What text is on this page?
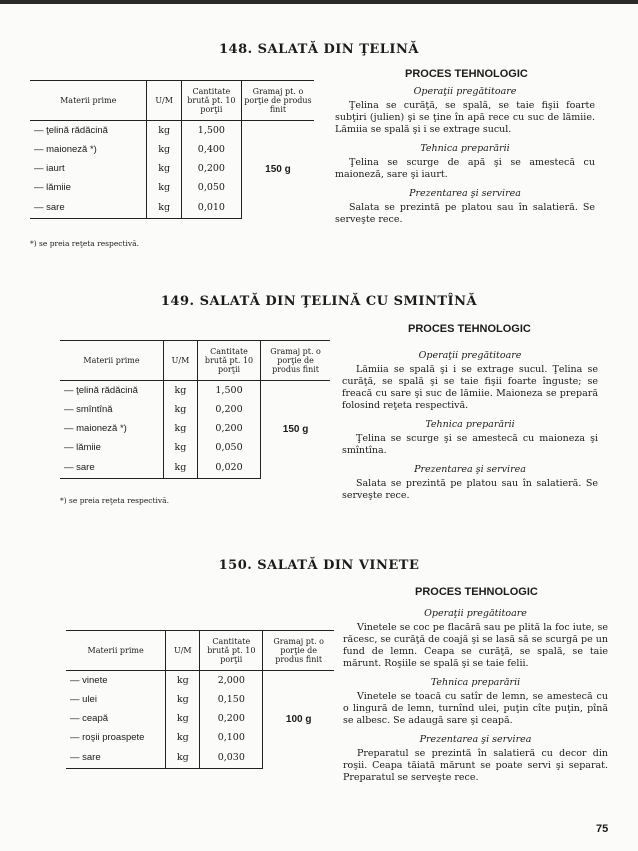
148. SALATĂ DIN ŢELINĂ
PROCES TEHNOLOGIC
Materii prime	U/M	Cantitate brută pt. 10 porţii	Gramaj pt. o porţie de produs finit
— ţelină rădăcină	kg	1,500	150 g
— maioneză *)	kg	0,400	
— iaurt	kg	0,200	
— lămiie	kg	0,050	
— sare	kg	0,010	
*) se preia reţeta respectivă.
Operaţii pregătitoare

Ţelina se curăţă, se spală, se taie fişii foarte subţiri (julien) şi se ţine în apă rece cu suc de lămiie. Lămiia se spală şi i se extrage sucul.

Tehnica preparării

Ţelina se scurge de apă şi se amestecă cu maioneză, sare şi iaurt.

Prezentarea şi servirea

Salata se prezintă pe platou sau în salatieră. Se serveşte rece.

149. SALATĂ DIN ŢELINĂ CU SMINTÎNĂ
PROCES TEHNOLOGIC
Materii prime	U/M	Cantitate brută pt. 10 porţii	Gramaj pt. o porţie de produs finit
— ţelină rădăcină	kg	1,500	150 g
— smîntînă	kg	0,200	
— maioneză *)	kg	0,200	
— lămiie	kg	0,050	
— sare	kg	0,020	
*) se preia reţeta respectivă.
Operaţii pregătitoare

Lămiia se spală şi i se extrage sucul. Ţelina se curăţă, se spală şi se taie fişii foarte înguste; se freacă cu sare şi suc de lămiie. Maioneza se prepară folosind reţeta respectivă.

Tehnica preparării

Ţelina se scurge şi se amestecă cu maioneza şi smîntîna.

Prezentarea şi servirea

Salata se prezintă pe platou sau în salatieră. Se serveşte rece.

150. SALATĂ DIN VINETE
PROCES TEHNOLOGIC
Materii prime	U/M	Cantitate brută pt. 10 porţii	Gramaj pt. o porţie de produs finit
— vinete	kg	2,000	100 g
— ulei	kg	0,150	
— ceapă	kg	0,200	
— roşii proaspete	kg	0,100	
— sare	kg	0,030	
Operaţii pregătitoare

Vinetele se coc pe flacără sau pe plită la foc iute, se răcesc, se curăţă de coajă şi se lasă să se scurgă pe un fund de lemn. Ceapa se curăţă, se spală, se taie mărunt. Roşiile se spală şi se taie felii.

Tehnica preparării

Vinetele se toacă cu satîr de lemn, se amestecă cu o lingură de lemn, turnînd ulei, puţin cîte puţin, pînă se albesc. Se adaugă sare şi ceapă.

Prezentarea şi servirea

Preparatul se prezintă în salatieră cu decor din roşii. Ceapa tăiată mărunt se poate servi şi separat. Preparatul se serveşte rece.

75
